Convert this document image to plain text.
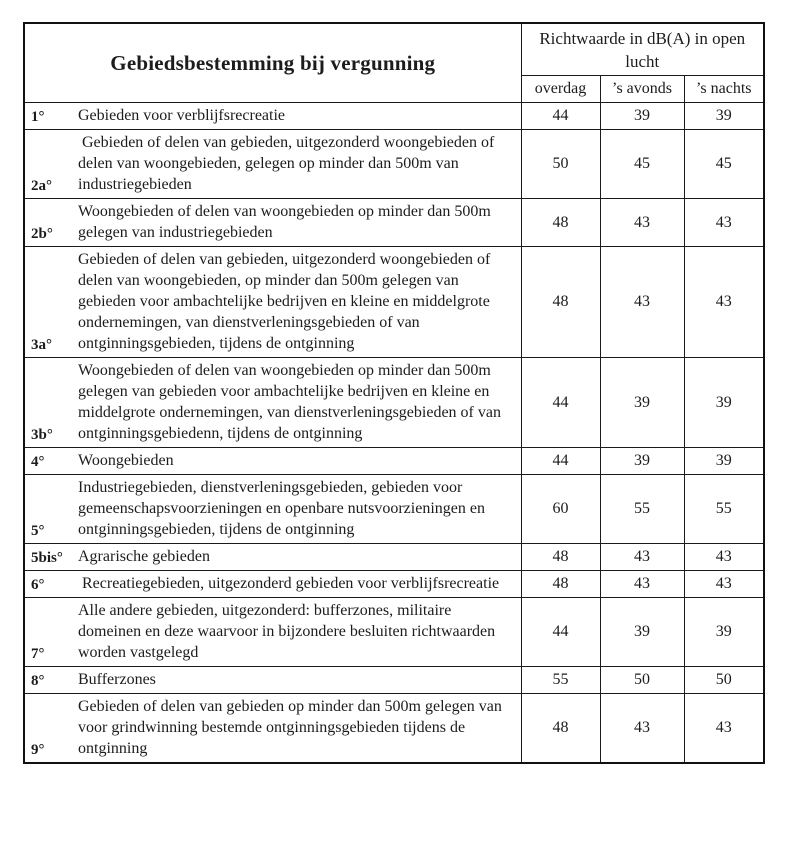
Gebiedsbestemming bij vergunning		Richtwaarde in dB(A) in open lucht		
		overdag	’s avonds	’s nachts
1°	Gebieden voor verblijfsrecreatie	44	39	39
2a°	Gebieden of delen van gebieden, uitgezonderd woongebieden of delen van woongebieden, gelegen op minder dan 500m van industriegebieden	50	45	45
2b°	Woongebieden of delen van woongebieden op minder dan 500m gelegen van industriegebieden	48	43	43
3a°	Gebieden of delen van gebieden, uitgezonderd woongebieden of delen van woongebieden, op minder dan 500m gelegen van gebieden voor ambachtelijke bedrijven en kleine en middelgrote ondernemingen, van dienstverleningsgebieden of van ontginningsgebieden, tijdens de ontginning	48	43	43
3b°	Woongebieden of delen van woongebieden op minder dan 500m gelegen van gebieden voor ambachtelijke bedrijven en kleine en middelgrote ondernemingen, van dienstverleningsgebieden of van ontginningsgebiedenn, tijdens de ontginning	44	39	39
4°	Woongebieden	44	39	39
5°	Industriegebieden, dienstverleningsgebieden, gebieden voor gemeenschapsvoorzieningen en openbare nutsvoorzieningen en ontginningsgebieden, tijdens de ontginning	60	55	55
5bis°	Agrarische gebieden	48	43	43
6°	Recreatiegebieden, uitgezonderd gebieden voor verblijfsrecreatie	48	43	43
7°	Alle andere gebieden, uitgezonderd: bufferzones, militaire domeinen en deze waarvoor in bijzondere besluiten richtwaarden worden vastgelegd	44	39	39
8°	Bufferzones	55	50	50
9°	Gebieden of delen van gebieden op minder dan 500m gelegen van voor grindwinning bestemde ontginningsgebieden tijdens de ontginning	48	43	43
